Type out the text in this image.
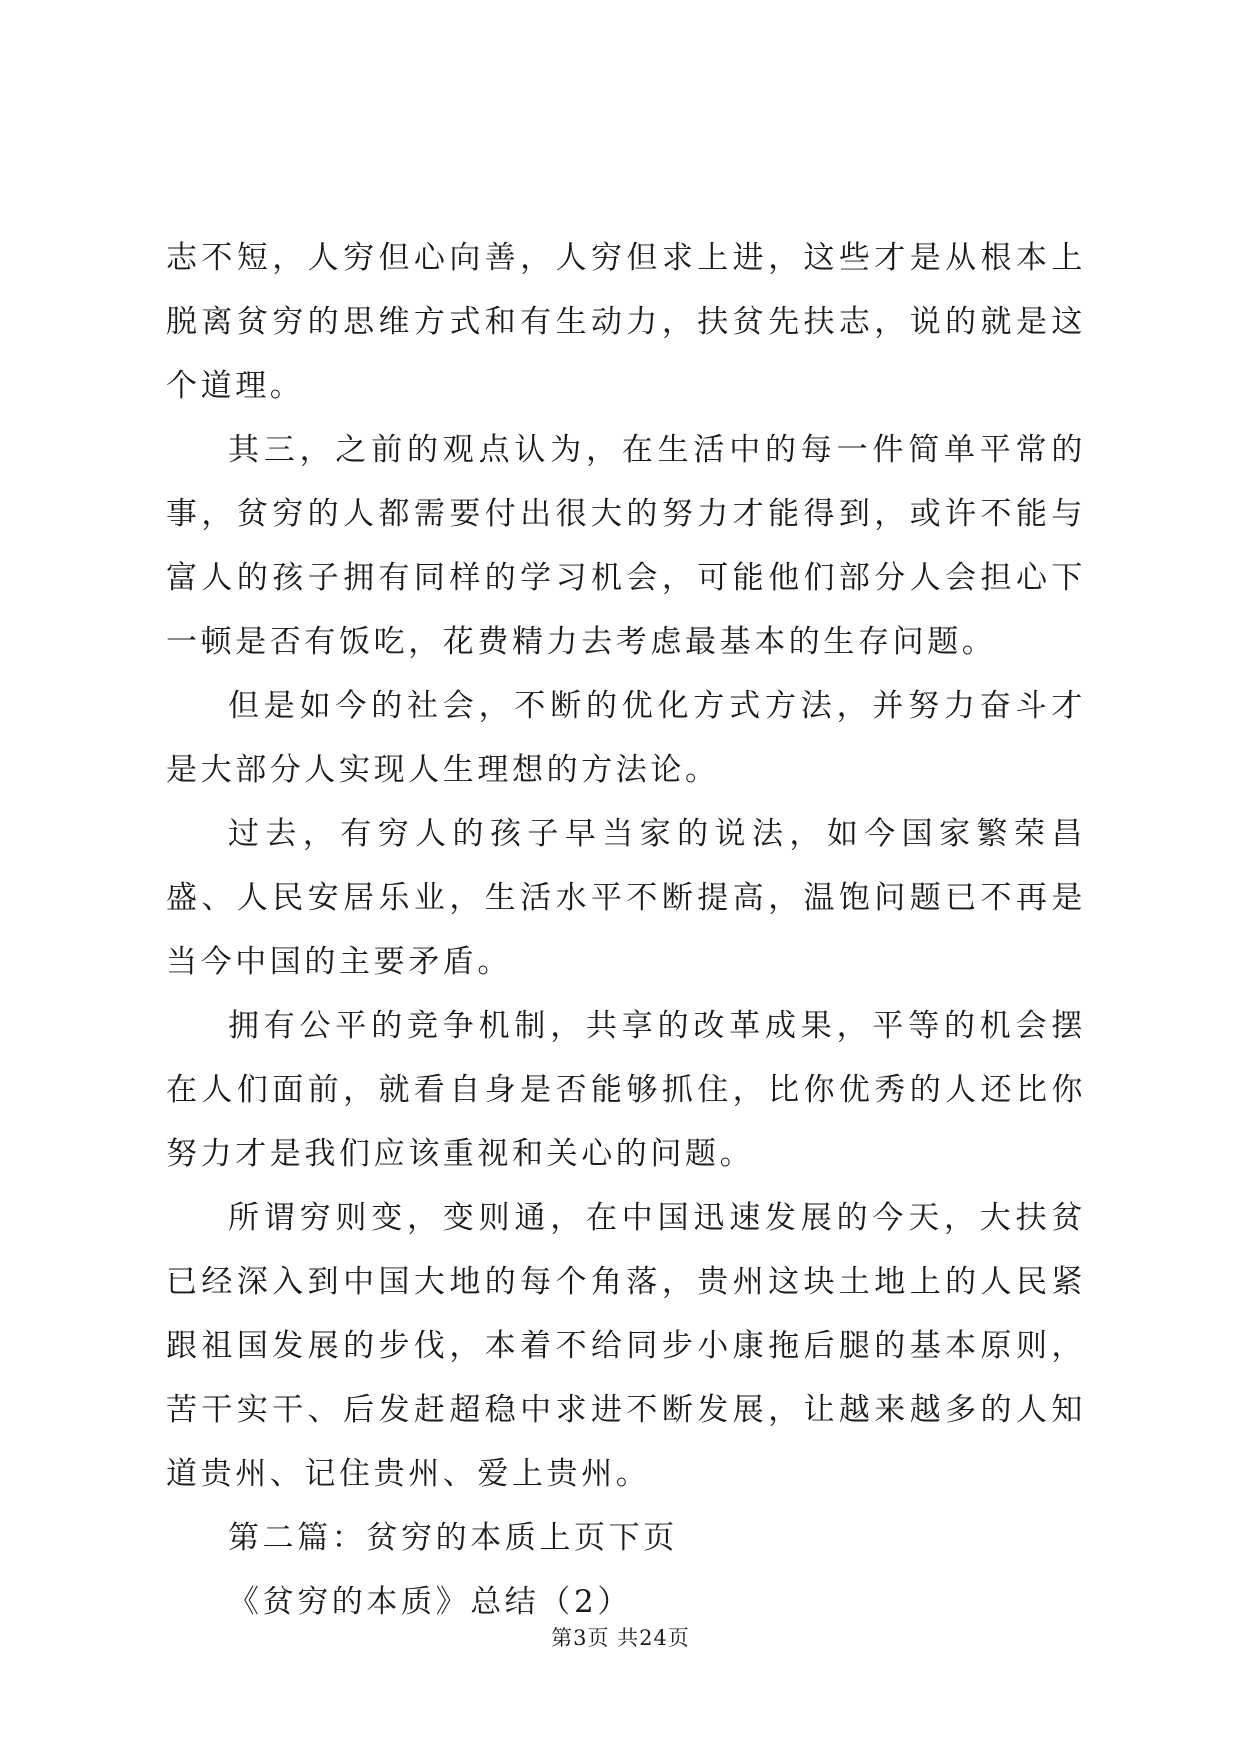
志不短，人穷但心向善，人穷但求上进，这些才是从根本上脱离贫穷的思维方式和有生动力，扶贫先扶志，说的就是这个道理。

其三，之前的观点认为，在生活中的每一件简单平常的事，贫穷的人都需要付出很大的努力才能得到，或许不能与富人的孩子拥有同样的学习机会，可能他们部分人会担心下一顿是否有饭吃，花费精力去考虑最基本的生存问题。

但是如今的社会，不断的优化方式方法，并努力奋斗才是大部分人实现人生理想的方法论。

过去，有穷人的孩子早当家的说法，如今国家繁荣昌盛、人民安居乐业，生活水平不断提高，温饱问题已不再是当今中国的主要矛盾。

拥有公平的竞争机制，共享的改革成果，平等的机会摆在人们面前，就看自身是否能够抓住，比你优秀的人还比你努力才是我们应该重视和关心的问题。

所谓穷则变，变则通，在中国迅速发展的今天，大扶贫已经深入到中国大地的每个角落，贵州这块土地上的人民紧跟祖国发展的步伐，本着不给同步小康拖后腿的基本原则，苦干实干、后发赶超稳中求进不断发展，让越来越多的人知道贵州、记住贵州、爱上贵州。

第二篇：贫穷的本质上页下页

《贫穷的本质》总结（2）

第3页 共24页
